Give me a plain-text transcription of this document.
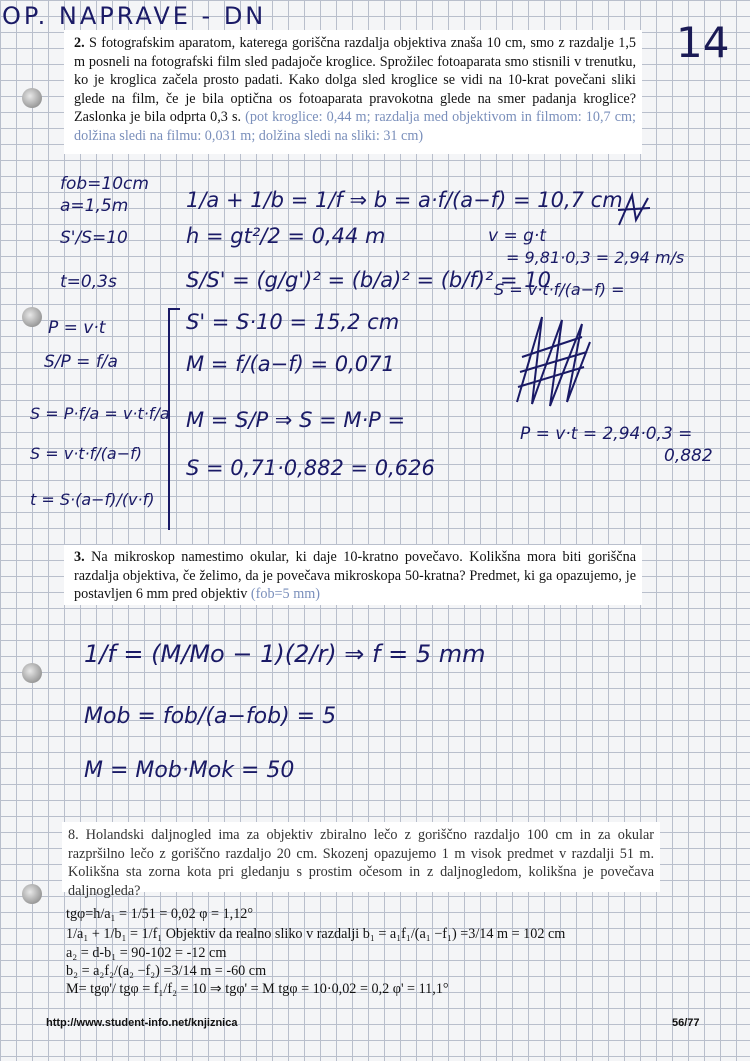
OP. NAPRAVE - DN
14
2. S fotografskim aparatom, katerega goriščna razdalja objektiva znaša 10 cm, smo z razdalje 1,5 m posneli na fotografski film sled padajoče kroglice. Sprožilec fotoaparata smo stisnili v trenutku, ko je kroglica začela prosto padati. Kako dolga sled kroglice se vidi na 10-krat povečani sliki glede na film, če je bila optična os fotoaparata pravokotna glede na smer padanja kroglice? Zaslonka je bila odprta 0,3 s. (pot kroglice: 0,44 m; razdalja med objektivom in filmom: 10,7 cm; dolžina sledi na filmu: 0,031 m; dolžina sledi na sliki: 31 cm)
fob=10cm
a=1,5m
S'/S=10
t=0,3s
1/a + 1/b = 1/f ⇒ b = a·f/(a−f) = 10,7 cm
h = gt²/2 = 0,44 m
S/S' = (g/g')² = (b/a)² = (b/f)² = 10
S' = S·10 = 15,2 cm
M = f/(a−f) = 0,071
M = S/P ⇒ S = M·P =
S = 0,71·0,882 = 0,626
P = v·t
S/P = f/a
S = P·f/a = v·t·f/a
S = v·t·f/(a−f)
t = S·(a−f)/(v·f)
v = g·t
= 9,81·0,3 = 2,94 m/s
S = v·t·f/(a−f) =
P = v·t = 2,94·0,3 =
0,882
3. Na mikroskop namestimo okular, ki daje 10-kratno povečavo. Kolikšna mora biti goriščna razdalja objektiva, če želimo, da je povečava mikroskopa 50-kratna? Predmet, ki ga opazujemo, je postavljen 6 mm pred objektiv (fob=5 mm)
1/f = (M/Mo − 1)(2/r) ⇒ f = 5 mm
Mob = fob/(a−fob) = 5
M = Mob·Mok = 50
8. Holandski daljnogled ima za objektiv zbiralno lečo z goriščno razdaljo 100 cm in za okular razpršilno lečo z goriščno razdaljo 20 cm. Skozenj opazujemo 1 m visok predmet v razdalji 51 m. Kolikšna sta zorna kota pri gledanju s prostim očesom in z daljnogledom, kolikšna je povečava daljnogleda?
tgφ=h/a₁ = 1/51 = 0,02 φ = 1,12°
1/a₁ + 1/b₁ = 1/f₁ Objektiv da realno sliko v razdalji b₁ = a₁f₁/(a₁ −f₁) =3/14 m = 102 cm
a₂ = d-b₁ = 90-102 = -12 cm
b₂ = a₂f₂/(a₂ −f₂) =3/14 m = -60 cm
M= tgφ'/ tgφ = f₁/f₂ = 10 ⇒ tgφ' = M tgφ = 10·0,02 = 0,2 φ' = 11,1°
http://www.student-info.net/knjiznica	56/77
